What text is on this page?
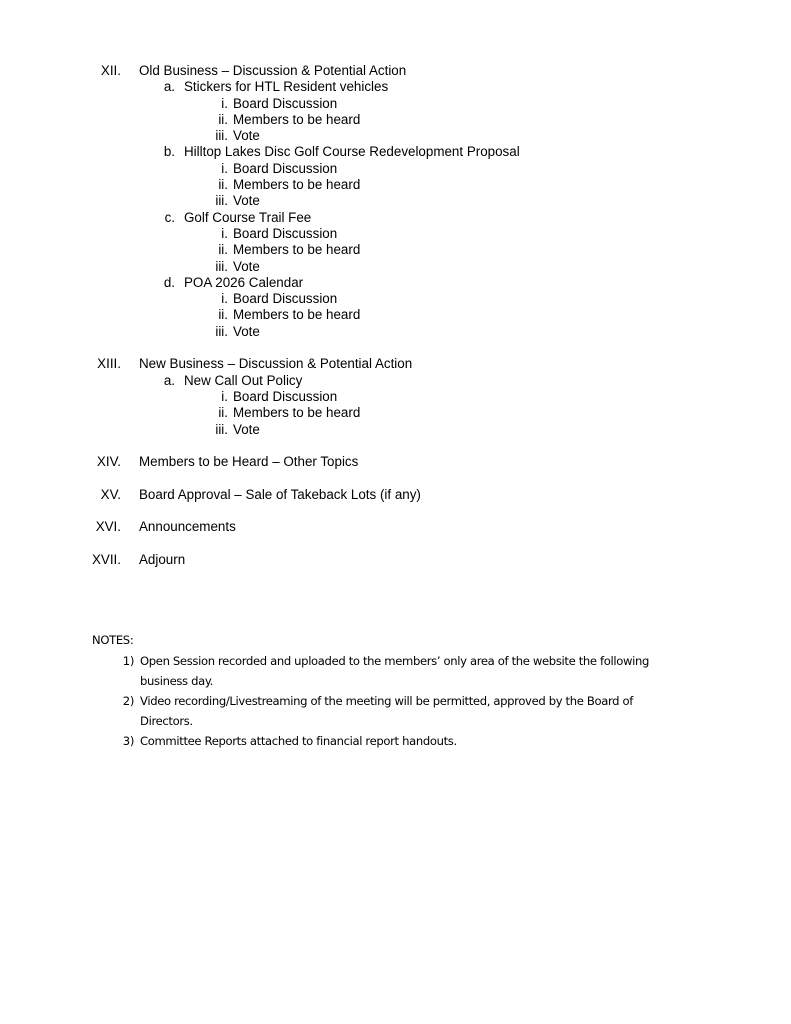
XII. Old Business – Discussion & Potential Action
a. Stickers for HTL Resident vehicles
i. Board Discussion
ii. Members to be heard
iii. Vote
b. Hilltop Lakes Disc Golf Course Redevelopment Proposal
i. Board Discussion
ii. Members to be heard
iii. Vote
c. Golf Course Trail Fee
i. Board Discussion
ii. Members to be heard
iii. Vote
d. POA 2026 Calendar
i. Board Discussion
ii. Members to be heard
iii. Vote
XIII. New Business – Discussion & Potential Action
a. New Call Out Policy
i. Board Discussion
ii. Members to be heard
iii. Vote
XIV. Members to be Heard – Other Topics
XV. Board Approval – Sale of Takeback Lots (if any)
XVI. Announcements
XVII. Adjourn
NOTES:
1) Open Session recorded and uploaded to the members’ only area of the website the following business day.
2) Video recording/Livestreaming of the meeting will be permitted, approved by the Board of Directors.
3) Committee Reports attached to financial report handouts.
